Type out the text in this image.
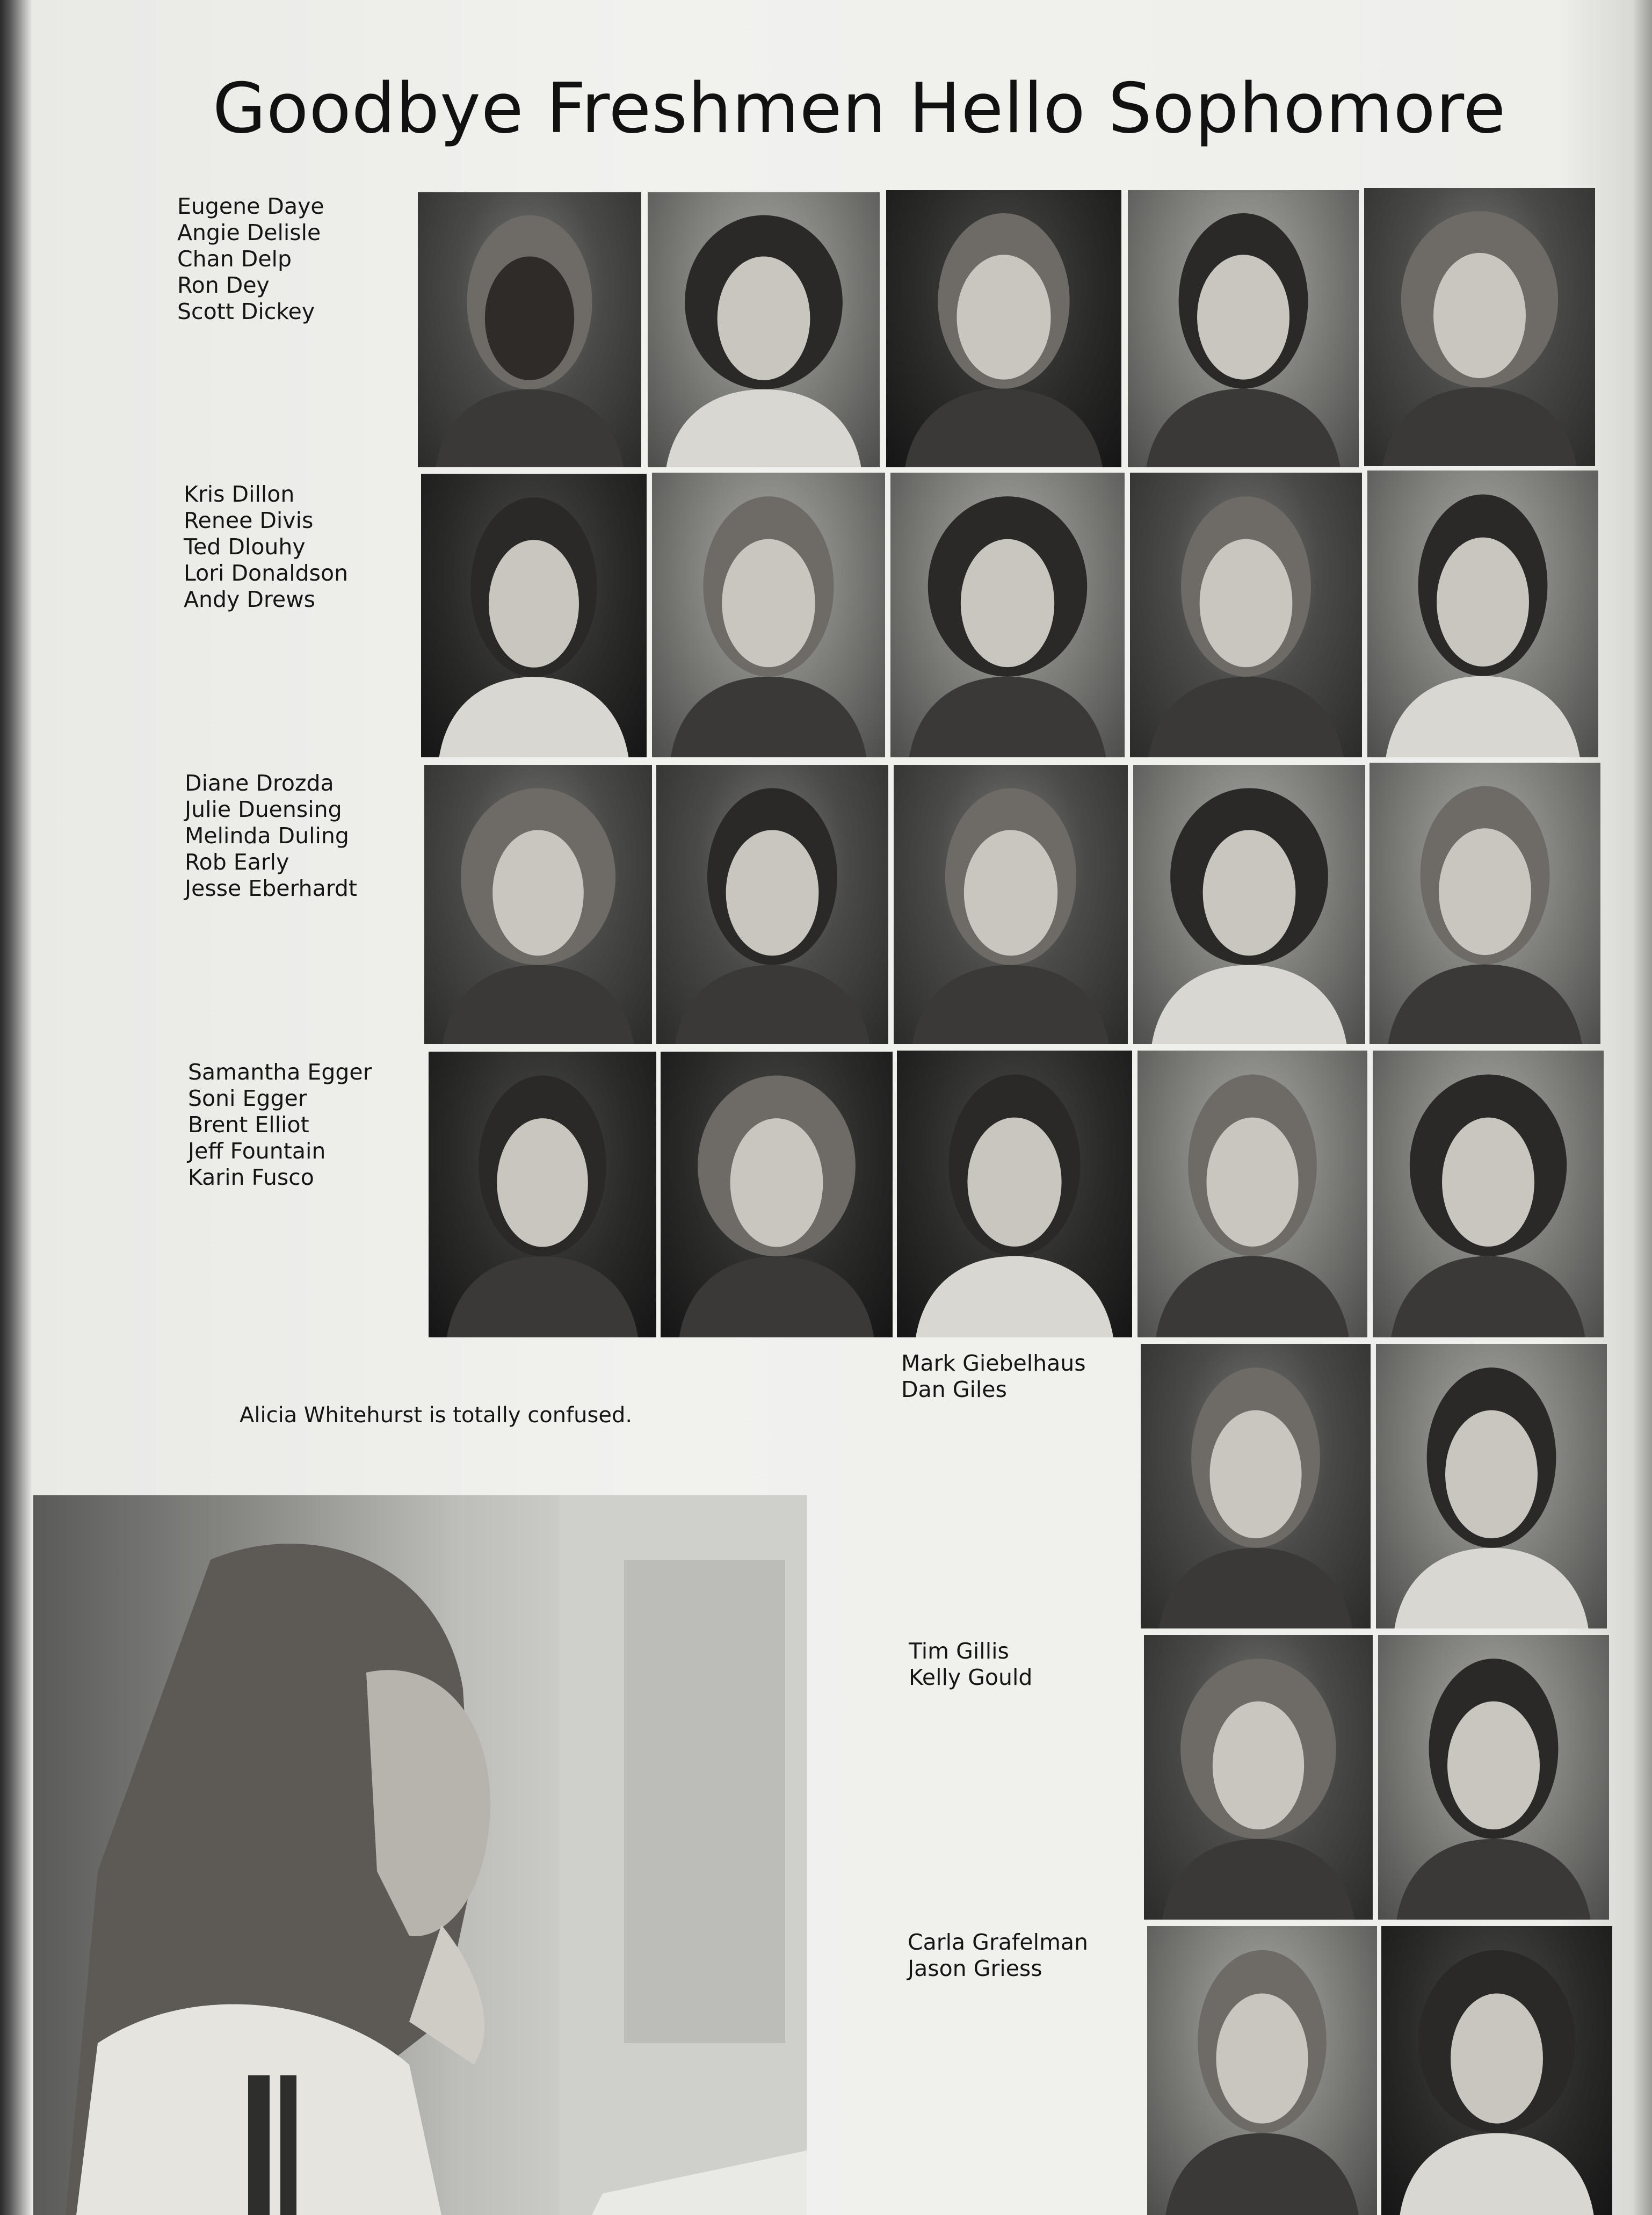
Goodbye Freshmen Hello Sophomore
Eugene Daye
Angie Delisle
Chan Delp
Ron Dey
Scott Dickey
Kris Dillon
Renee Divis
Ted Dlouhy
Lori Donaldson
Andy Drews
Diane Drozda
Julie Duensing
Melinda Duling
Rob Early
Jesse Eberhardt
Samantha Egger
Soni Egger
Brent Elliot
Jeff Fountain
Karin Fusco
Mark Giebelhaus
Dan Giles
Tim Gillis
Kelly Gould
Carla Grafelman
Jason Griess
Alicia Whitehurst is totally confused.
